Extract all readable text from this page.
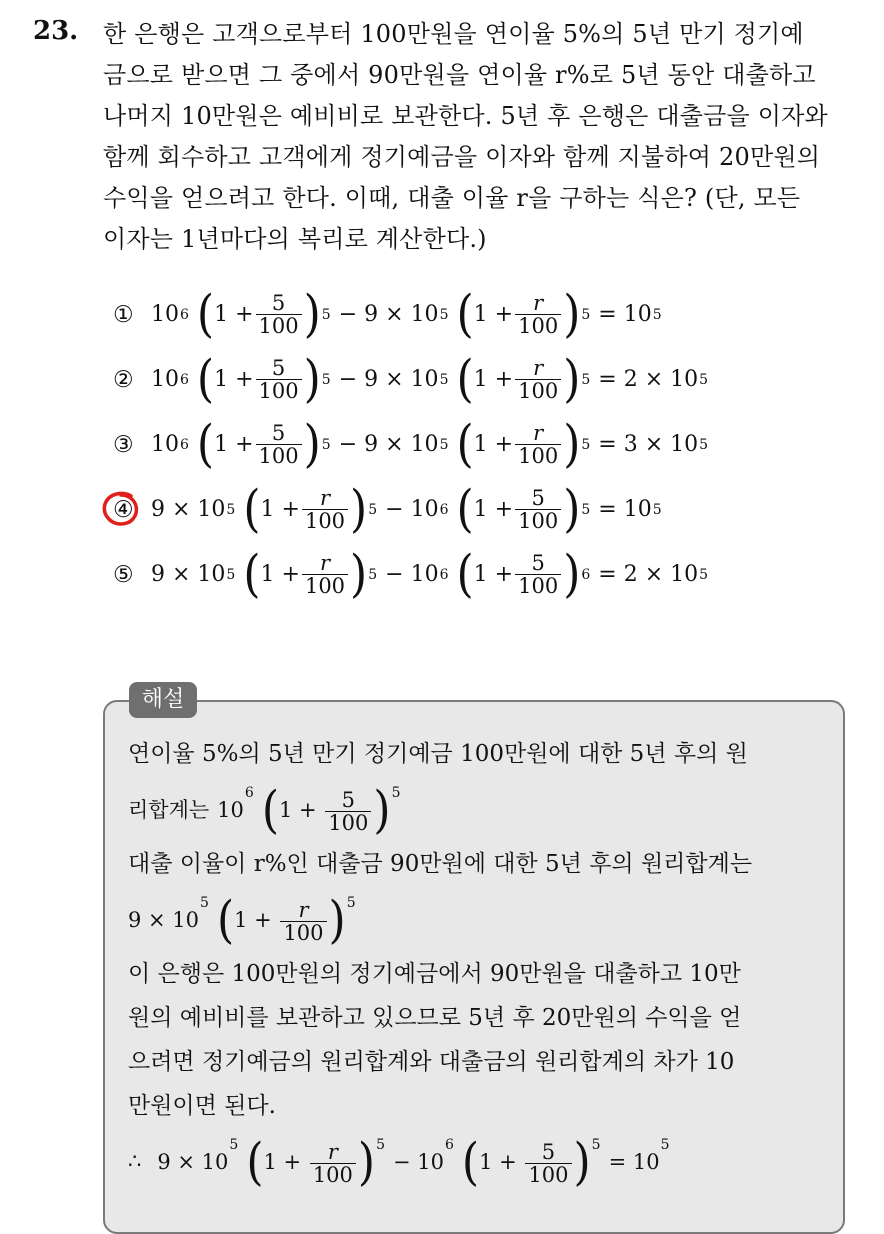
23. 한 은행은 고객으로부터 100만원을 연이율 5%의 5년 만기 정기예
금으로 받으면 그 중에서 90만원을 연이율 r%로 5년 동안 대출하고
나머지 10만원은 예비비로 보관한다. 5년 후 은행은 대출금을 이자와
함께 회수하고 고객에게 정기예금을 이자와 함께 지불하여 20만원의
수익을 얻으려고 한다. 이때, 대출 이율 r을 구하는 식은? (단, 모든
이자는 1년마다의 복리로 계산한다.)
① 10 6 ( $1 + \frac{5}{100}$ ) 5 − 9 × 10 5 ( $1 + \frac{r}{100}$ ) 5 = 10 5
② 10 6 ( $1 + \frac{5}{100}$ ) 5 − 9 × 10 5 ( $1 + \frac{r}{100}$ ) 5 = 2 × 10 5
③ 10 6 ( $1 + \frac{5}{100}$ ) 5 − 9 × 10 5 ( $1 + \frac{r}{100}$ ) 5 = 3 × 10 5
④ 9 × 10 5 ( $1 + \frac{r}{100}$ ) 5 − 10 6 ( $1 + \frac{5}{100}$ ) 5 = 10 5
⑤ 9 × 10 5 ( $1 + \frac{r}{100}$ ) 5 − 10 6 ( $1 + \frac{5}{100}$ ) 6 = 2 × 10 5
해설
연이율 5%의 5년 만기 정기예금 100만원에 대한 5년 후의 원
리합계는 $10^6$ $(1 + \frac{5}{100} )^5$
대출 이율이 r%인 대출금 90만원에 대한 5년 후의 원리합계는
$9 \times 10^5$ $(1 + \frac{r}{100} )^5$
이 은행은 100만원의 정기예금에서 90만원을 대출하고 10만
원의 예비비를 보관하고 있으므로 5년 후 20만원의 수익을 얻
으려면 정기예금의 원리합계와 대출금의 원리합계의 차가 10
만원이면 된다.
∴ $9 \times 10^5$ $(1 + \frac{r}{100} )^5- 10^6$ $(1 + \frac{5}{100} )^5= 10^5$
